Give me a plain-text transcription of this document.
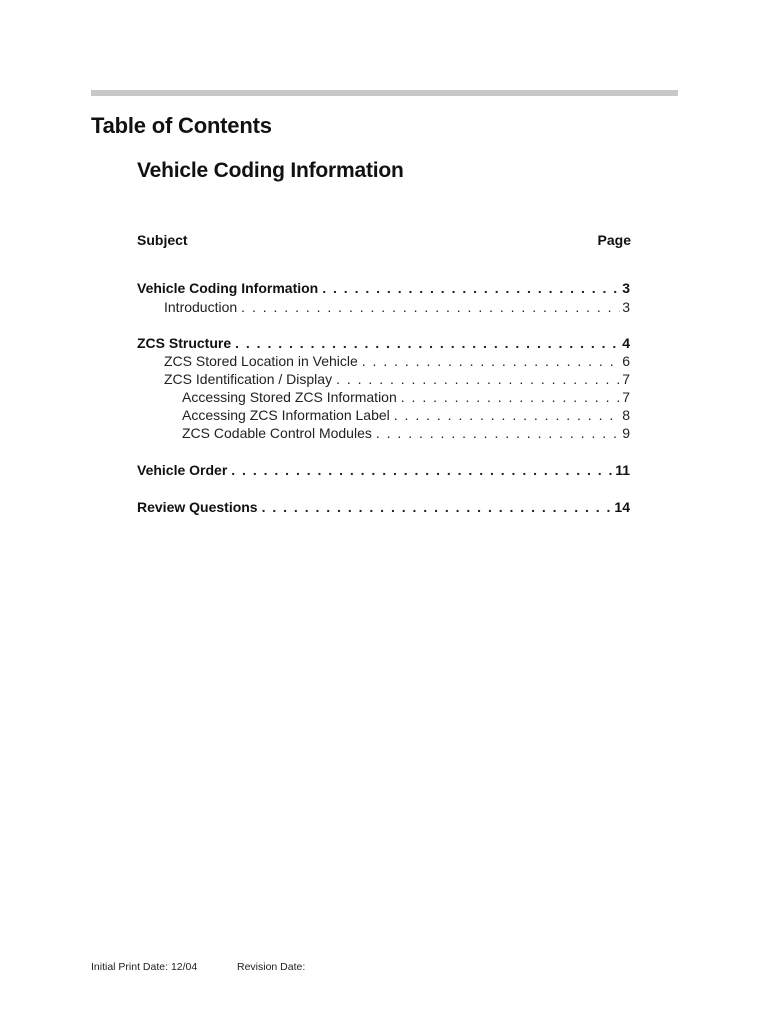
Table of Contents
Vehicle Coding Information
Subject	Page
Vehicle Coding Information . . .	3
Introduction . . .	3
ZCS Structure . . .	4
ZCS Stored Location in Vehicle . . .	6
ZCS Identification / Display . . .	7
Accessing Stored ZCS Information . . .	7
Accessing ZCS Information Label . . .	8
ZCS Codable Control Modules . . .	9
Vehicle Order . . .	11
Review Questions . . .	14
Initial Print Date: 12/04	Revision Date:
